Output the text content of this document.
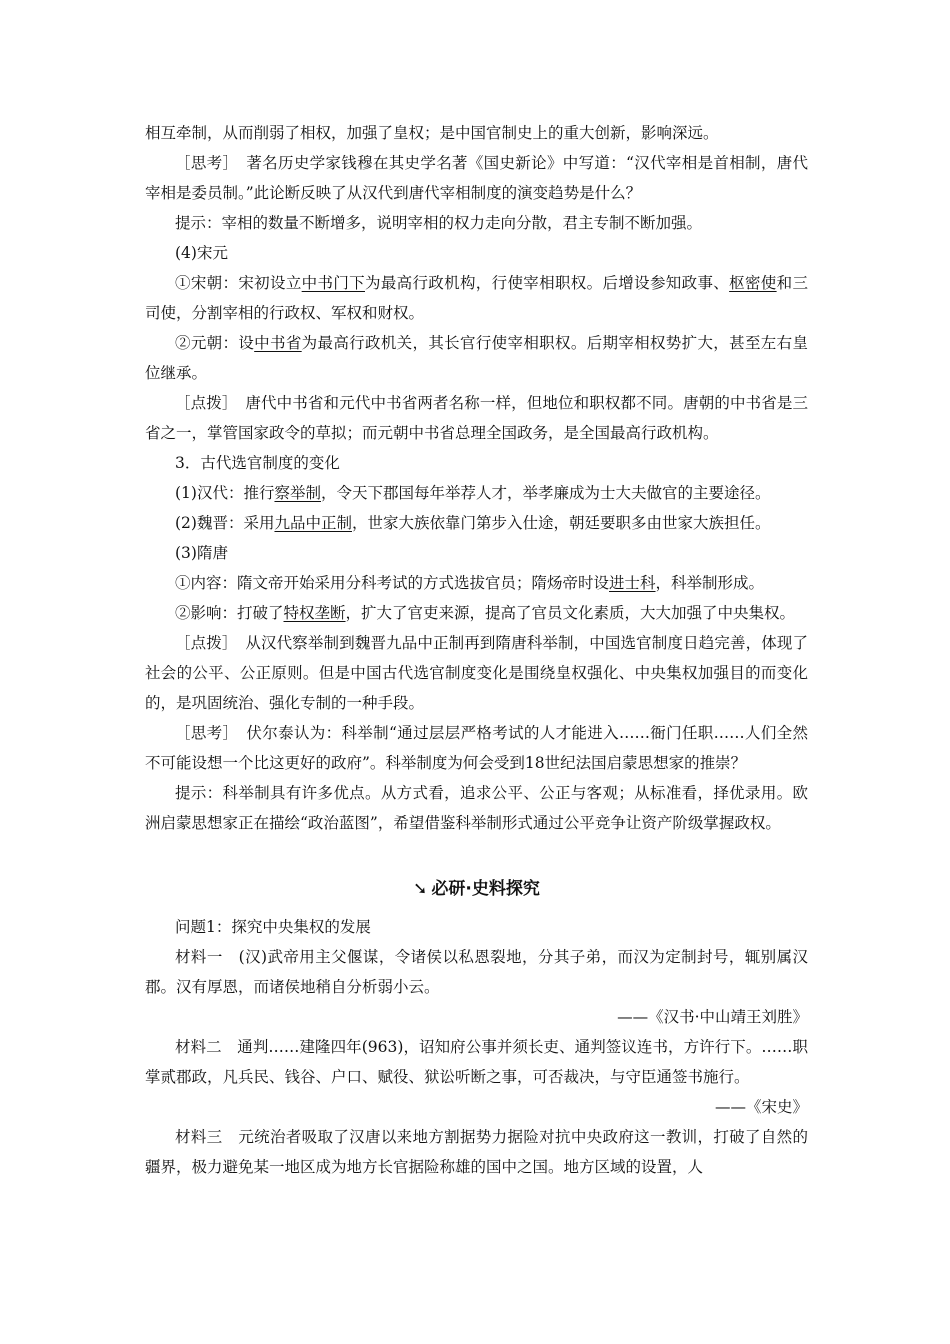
相互牵制，从而削弱了相权，加强了皇权；是中国官制史上的重大创新，影响深远。

［思考］　著名历史学家钱穆在其史学名著《国史新论》中写道：“汉代宰相是首相制，唐代宰相是委员制。”此论断反映了从汉代到唐代宰相制度的演变趋势是什么？

提示：宰相的数量不断增多，说明宰相的权力走向分散，君主专制不断加强。

(4)宋元

①宋朝：宋初设立中书门下为最高行政机构，行使宰相职权。后增设参知政事、枢密使和三司使，分割宰相的行政权、军权和财权。

②元朝：设中书省为最高行政机关，其长官行使宰相职权。后期宰相权势扩大，甚至左右皇位继承。

［点拨］　唐代中书省和元代中书省两者名称一样，但地位和职权都不同。唐朝的中书省是三省之一，掌管国家政令的草拟；而元朝中书省总理全国政务，是全国最高行政机构。

3．古代选官制度的变化

(1)汉代：推行察举制，令天下郡国每年举荐人才，举孝廉成为士大夫做官的主要途径。

(2)魏晋：采用九品中正制，世家大族依靠门第步入仕途，朝廷要职多由世家大族担任。

(3)隋唐

①内容：隋文帝开始采用分科考试的方式选拔官员；隋炀帝时设进士科，科举制形成。

②影响：打破了特权垄断，扩大了官吏来源，提高了官员文化素质，大大加强了中央集权。

［点拨］　从汉代察举制到魏晋九品中正制再到隋唐科举制，中国选官制度日趋完善，体现了社会的公平、公正原则。但是中国古代选官制度变化是围绕皇权强化、中央集权加强目的而变化的，是巩固统治、强化专制的一种手段。

［思考］　伏尔泰认为：科举制“通过层层严格考试的人才能进入……衙门任职……人们全然不可能设想一个比这更好的政府”。科举制度为何会受到18世纪法国启蒙思想家的推崇？

提示：科举制具有许多优点。从方式看，追求公平、公正与客观；从标准看，择优录用。欧洲启蒙思想家正在描绘“政治蓝图”，希望借鉴科举制形式通过公平竞争让资产阶级掌握政权。

➘ 必研·史料探究

问题1：探究中央集权的发展

材料一　(汉)武帝用主父偃谋，令诸侯以私恩裂地，分其子弟，而汉为定制封号，辄别属汉郡。汉有厚恩，而诸侯地稍自分析弱小云。

——《汉书·中山靖王刘胜》

材料二　通判……建隆四年(963)，诏知府公事并须长吏、通判签议连书，方许行下。……职掌贰郡政，凡兵民、钱谷、户口、赋役、狱讼听断之事，可否裁决，与守臣通签书施行。

——《宋史》

材料三　元统治者吸取了汉唐以来地方割据势力据险对抗中央政府这一教训，打破了自然的疆界，极力避免某一地区成为地方长官据险称雄的国中之国。地方区域的设置，人
